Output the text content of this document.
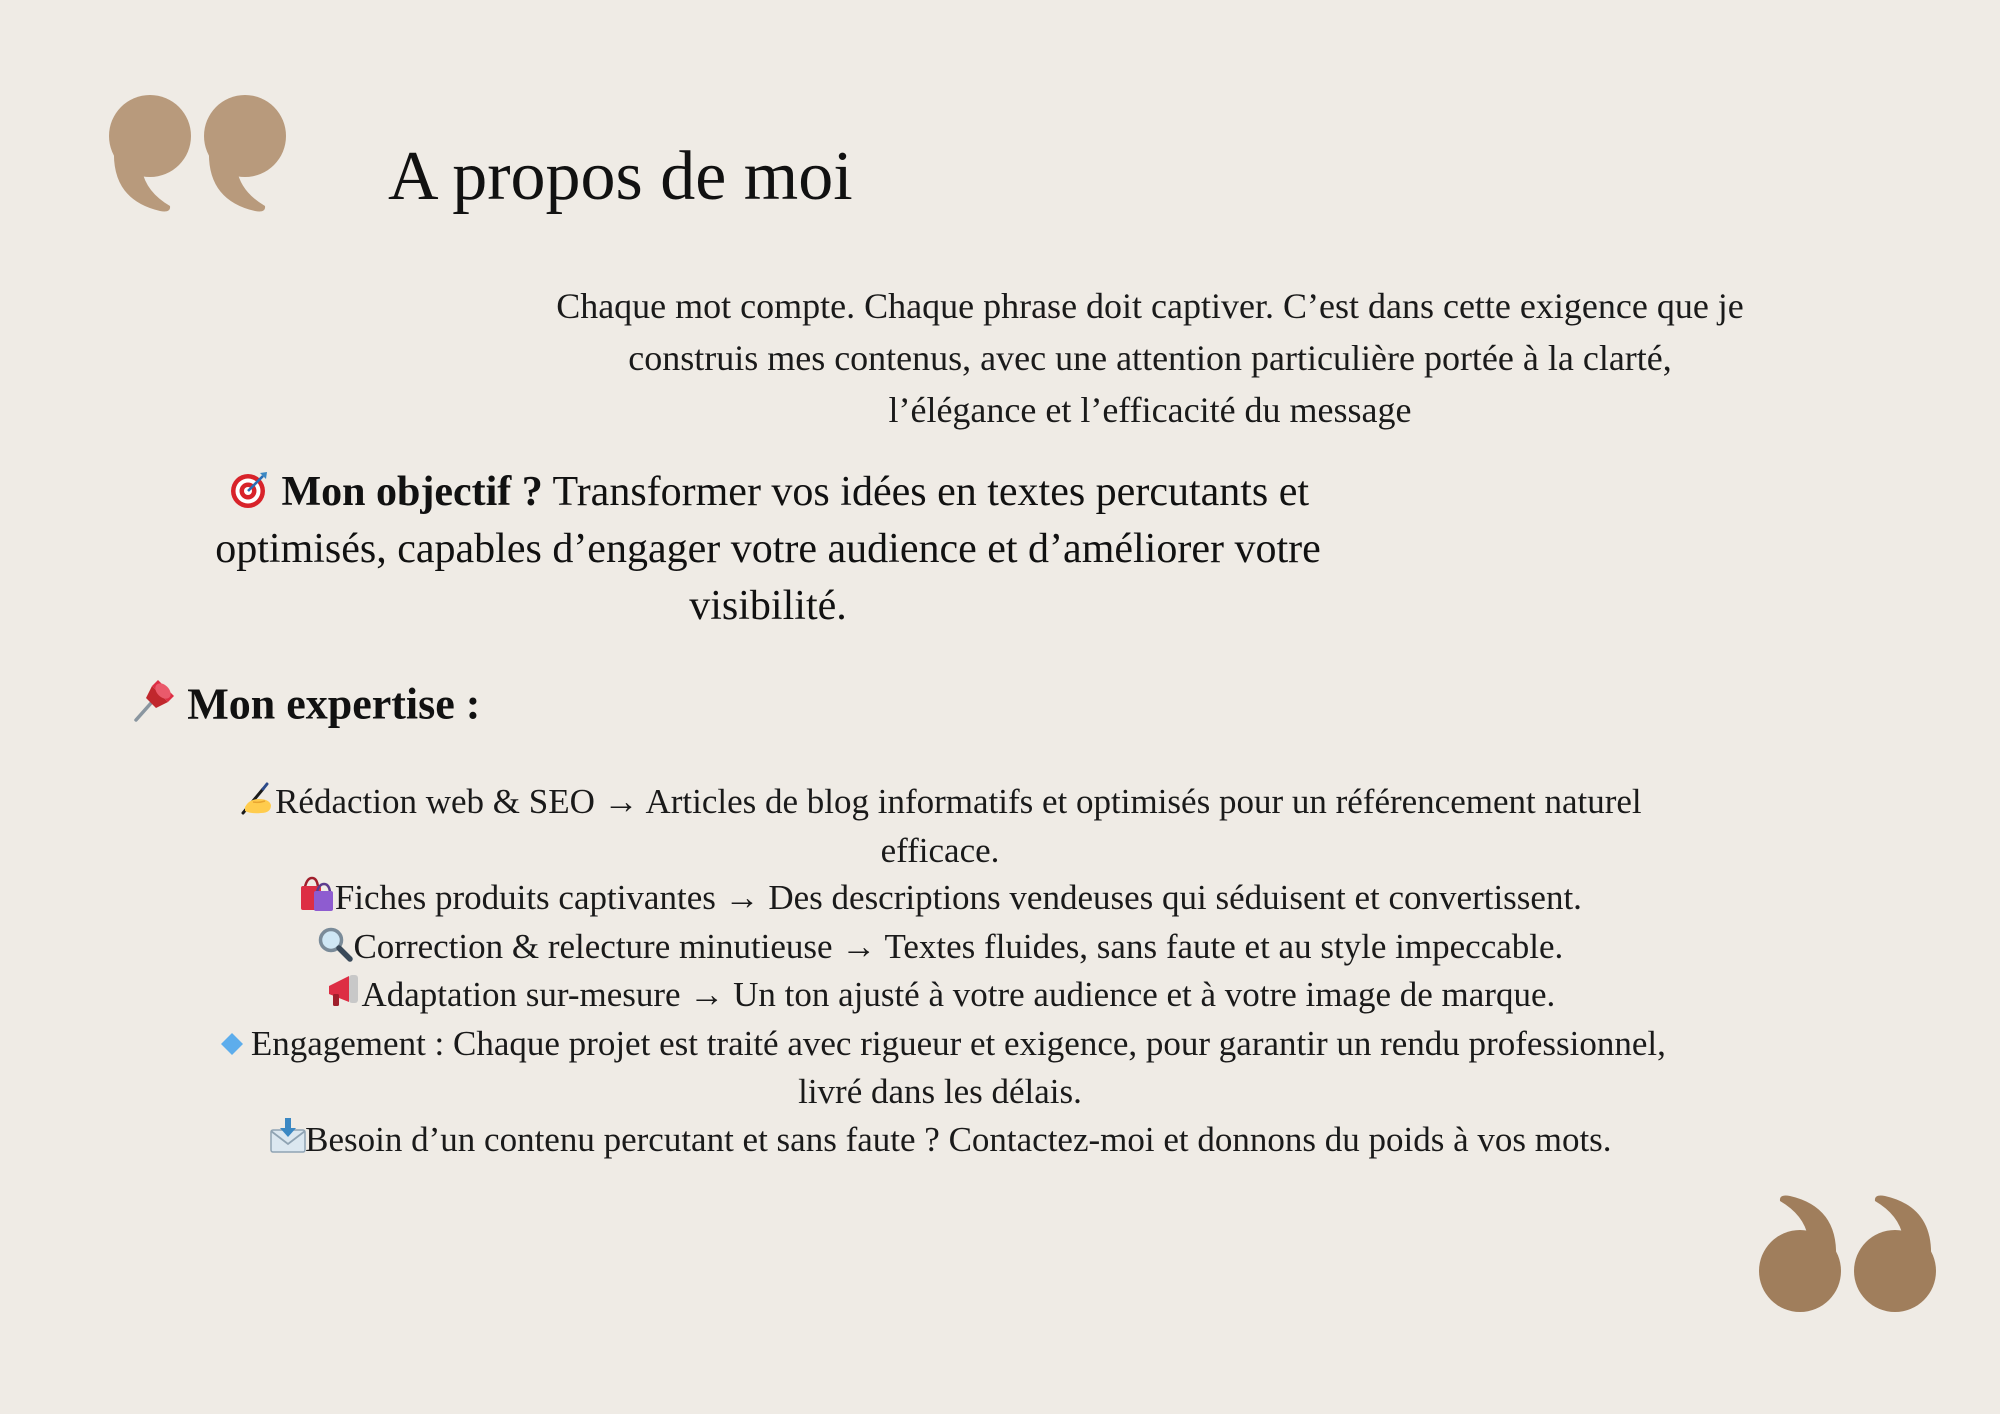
A propos de moi
Chaque mot compte. Chaque phrase doit captiver. C’est dans cette exigence que je
construis mes contenus, avec une attention particulière portée à la clarté,
l’élégance et l’efficacité du message
Mon objectif ? Transformer vos idées en textes percutants et
optimisés, capables d’engager votre audience et d’améliorer votre
visibilité.
Mon expertise :

Rédaction web & SEO → Articles de blog informatifs et optimisés pour un référencement naturel
efficace.

Fiches produits captivantes → Des descriptions vendeuses qui séduisent et convertissent.

Correction & relecture minutieuse → Textes fluides, sans faute et au style impeccable.

Adaptation sur-mesure → Un ton ajusté à votre audience et à votre image de marque.

Engagement : Chaque projet est traité avec rigueur et exigence, pour garantir un rendu professionnel,
livré dans les délais.

Besoin d’un contenu percutant et sans faute ? Contactez-moi et donnons du poids à vos mots.
